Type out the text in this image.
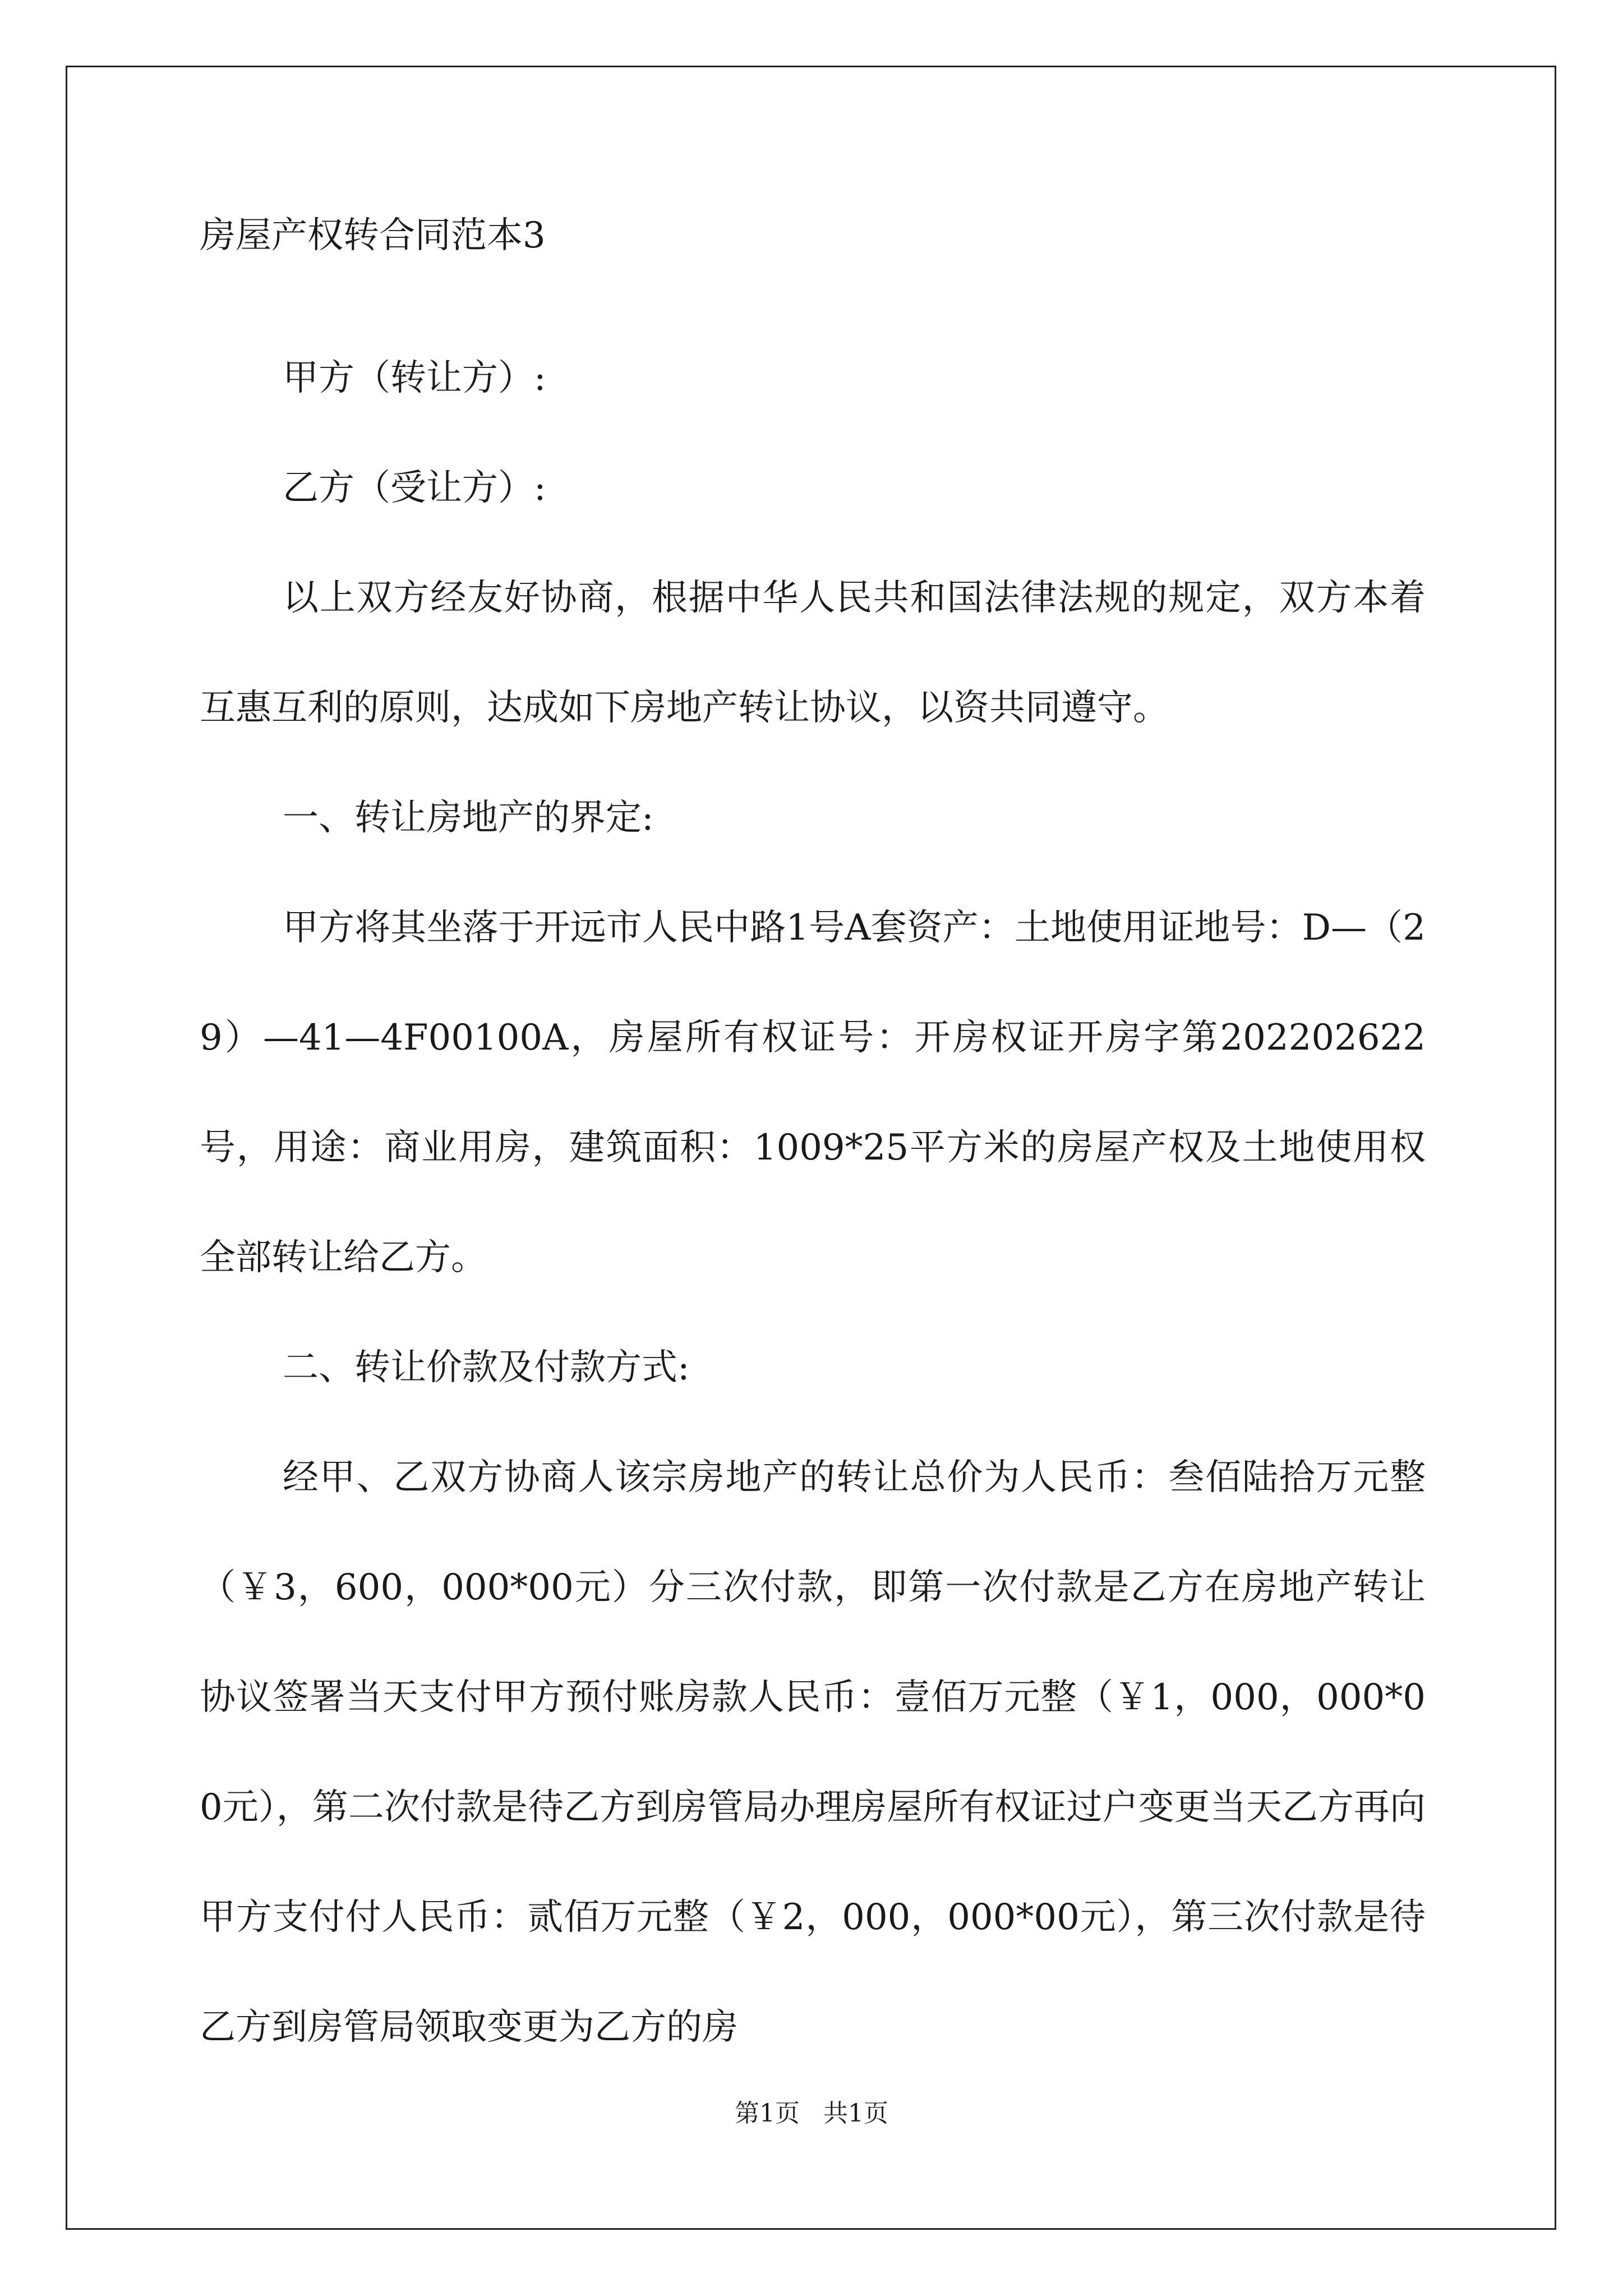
房屋产权转合同范本3

甲方（转让方）:

乙方（受让方）:

以上双方经友好协商，根据中华人民共和国法律法规的规定，双方本着互惠互利的原则，达成如下房地产转让协议，以资共同遵守。

一、转让房地产的界定:

甲方将其坐落于开远市人民中路1号A套资产：土地使用证地号：D—（29）—41—4F00100A，房屋所有权证号：开房权证开房字第202202622号，用途：商业用房，建筑面积：1009*25平方米的房屋产权及土地使用权全部转让给乙方。

二、转让价款及付款方式:

经甲、乙双方协商人该宗房地产的转让总价为人民币：叁佰陆拾万元整（￥3，600，000*00元）分三次付款，即第一次付款是乙方在房地产转让协议签署当天支付甲方预付账房款人民币：壹佰万元整（￥1，000，000*00元），第二次付款是待乙方到房管局办理房屋所有权证过户变更当天乙方再向甲方支付付人民币：贰佰万元整（￥2，000，000*00元），第三次付款是待乙方到房管局领取变更为乙方的房

第1页   共1页
